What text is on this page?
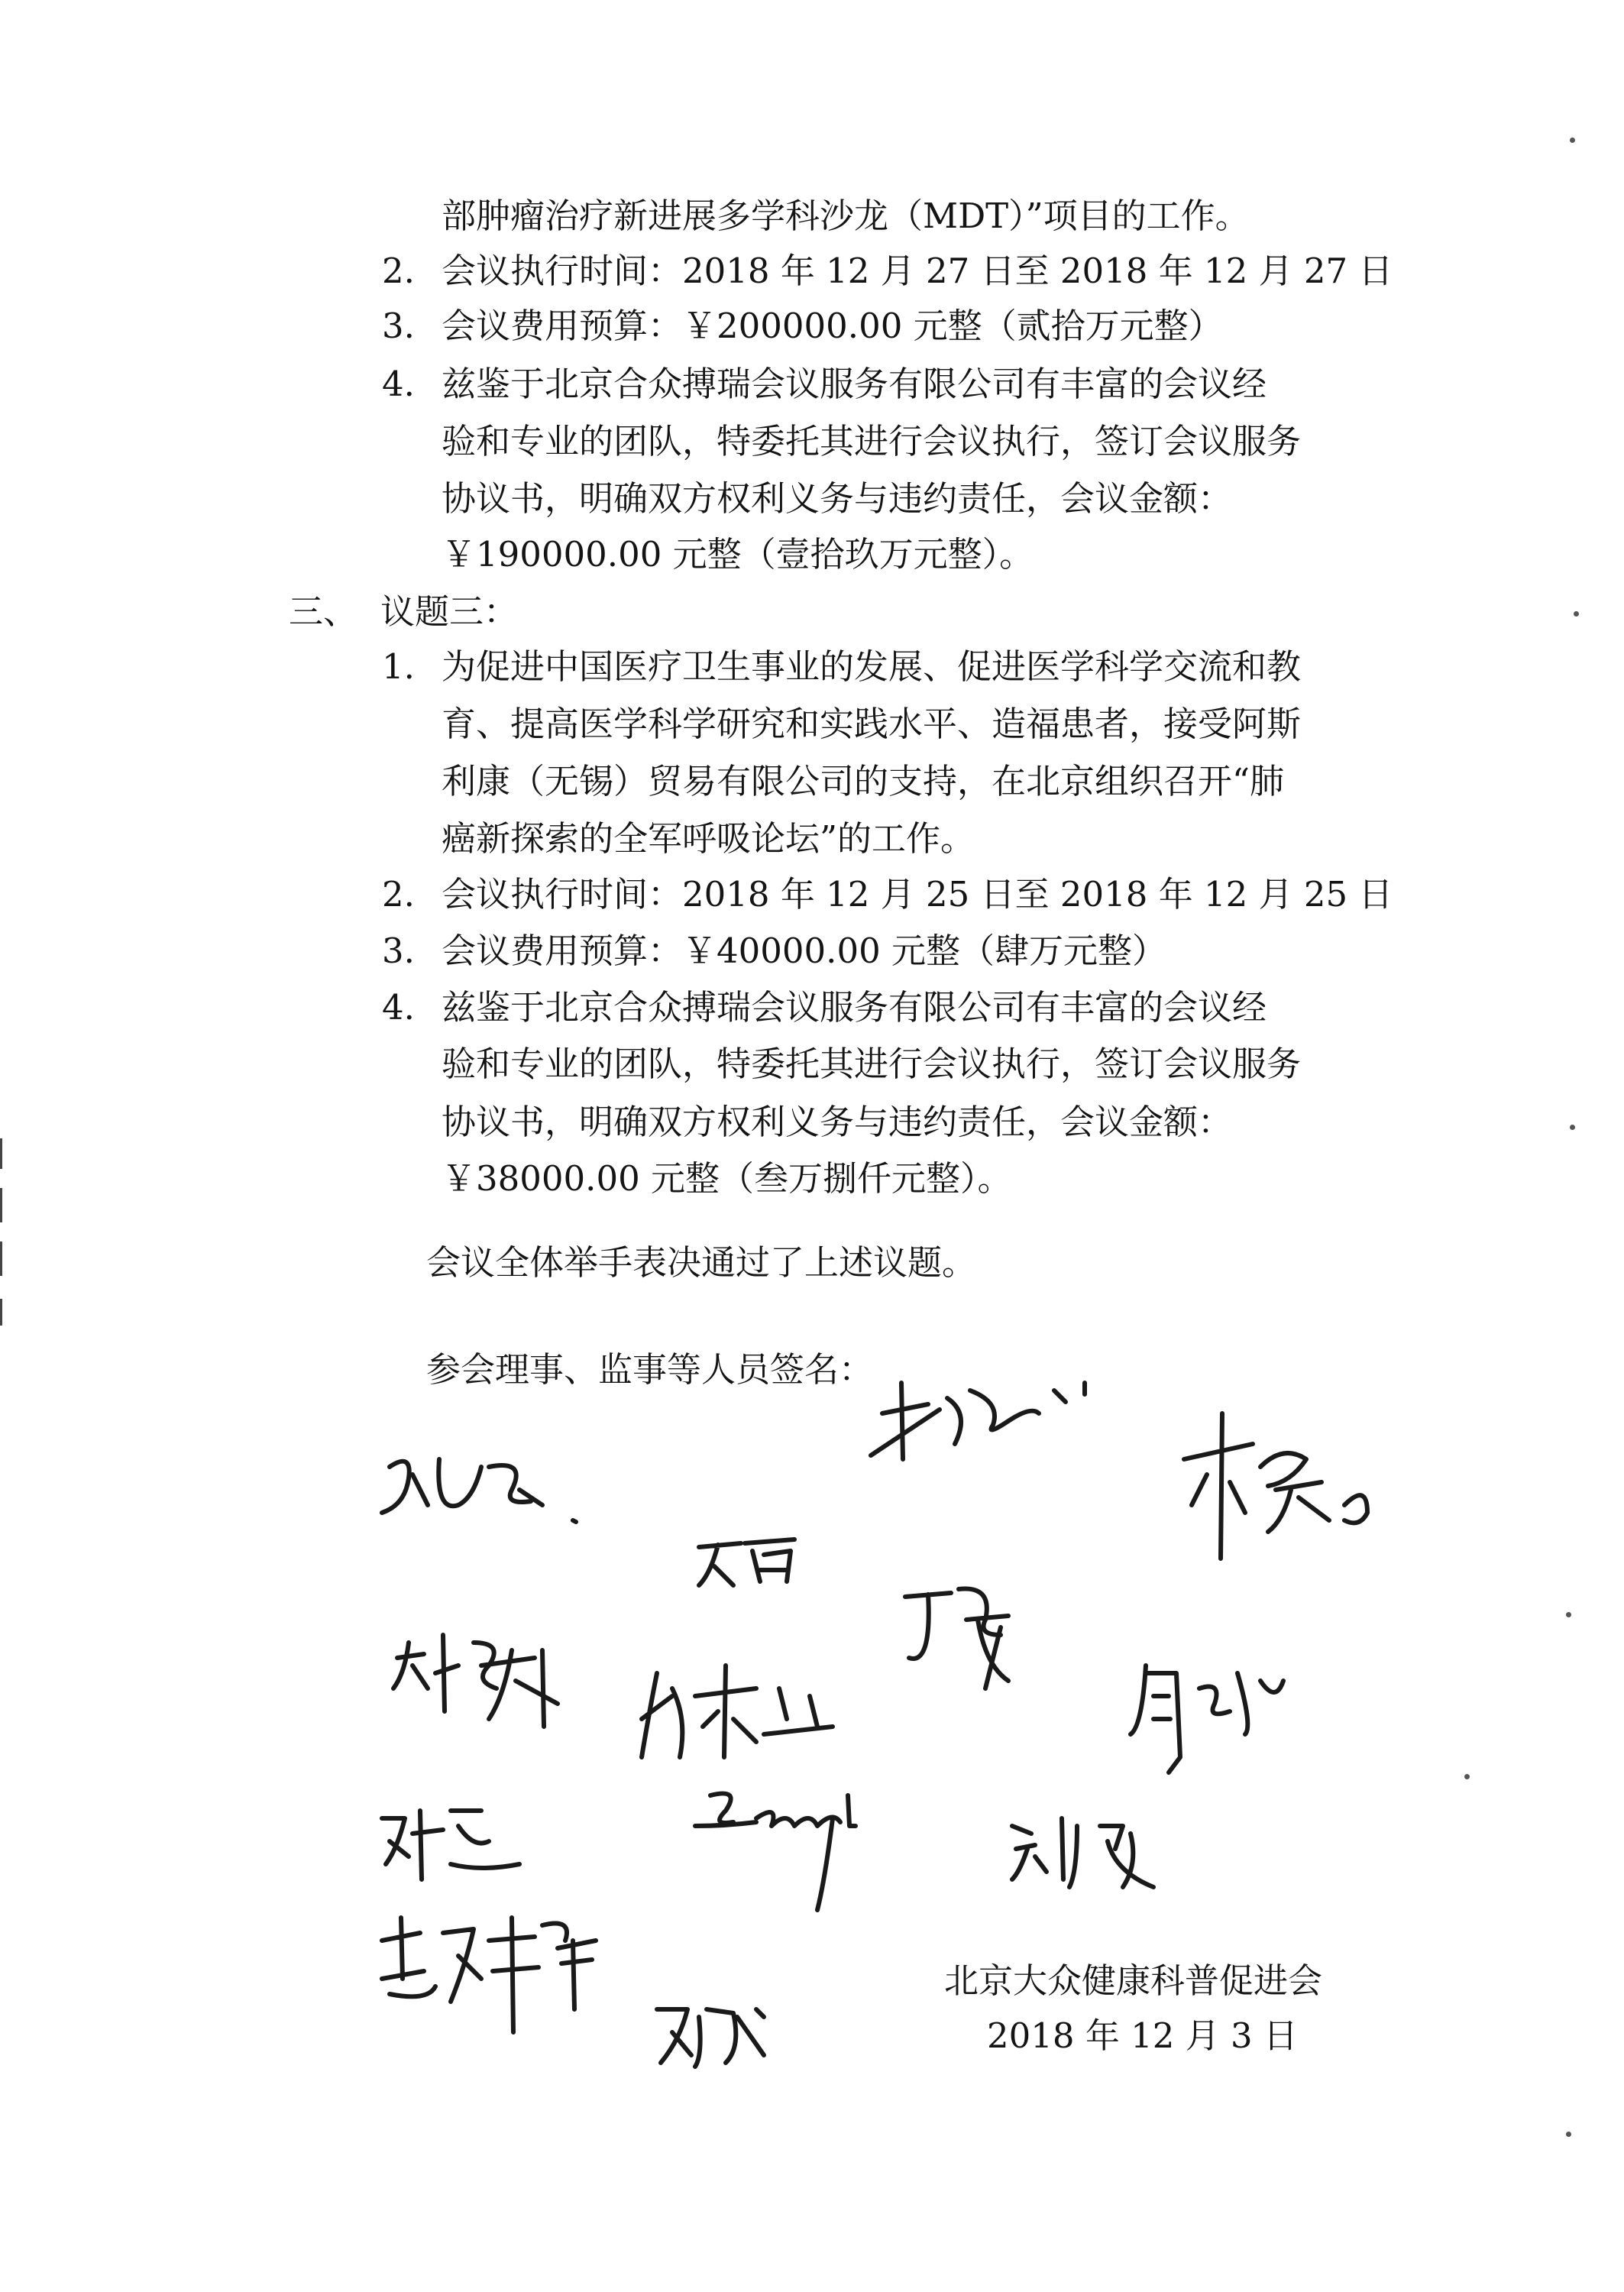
部肿瘤治疗新进展多学科沙龙（MDT）”项目的工作。

2. 会议执行时间：2018 年 12 月 27 日至 2018 年 12 月 27 日

3. 会议费用预算：￥200000.00 元整（贰拾万元整）

4. 兹鉴于北京合众搏瑞会议服务有限公司有丰富的会议经

验和专业的团队，特委托其进行会议执行，签订会议服务

协议书，明确双方权利义务与违约责任，会议金额：

￥190000.00 元整（壹拾玖万元整）。

三、 议题三：

1. 为促进中国医疗卫生事业的发展、促进医学科学交流和教

育、提高医学科学研究和实践水平、造福患者，接受阿斯

利康（无锡）贸易有限公司的支持，在北京组织召开“肺

癌新探索的全军呼吸论坛”的工作。

2. 会议执行时间：2018 年 12 月 25 日至 2018 年 12 月 25 日

3. 会议费用预算：￥40000.00 元整（肆万元整）

4. 兹鉴于北京合众搏瑞会议服务有限公司有丰富的会议经

验和专业的团队，特委托其进行会议执行，签订会议服务

协议书，明确双方权利义务与违约责任，会议金额：

￥38000.00 元整（叁万捌仟元整）。

会议全体举手表决通过了上述议题。

参会理事、监事等人员签名：

北京大众健康科普促进会

2018 年 12 月 3 日
